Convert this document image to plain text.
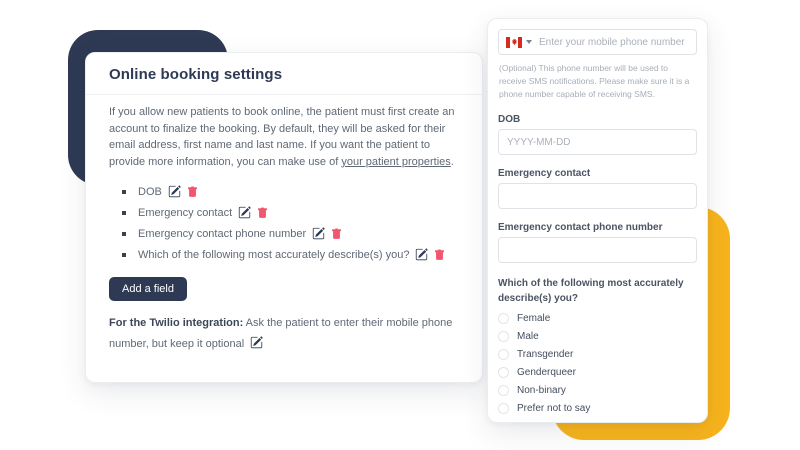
Online booking settings

If you allow new patients to book online, the patient must first create an account to finalize the booking. By default, they will be asked for their email address, first name and last name. If you want the patient to provide more information, you can make use of your patient properties.

DOB
Emergency contact
Emergency contact phone number
Which of the following most accurately describe(s) you?
Add a field

For the Twilio integration: Ask the patient to enter their mobile phone number, but keep it optional

Enter your mobile phone number

(Optional) This phone number will be used to receive SMS notifications. Please make sure it is a phone number capable of receiving SMS.

DOB
YYYY-MM-DD
Emergency contact
Emergency contact phone number
Which of the following most accurately describe(s) you?
Female
Male
Transgender
Genderqueer
Non-binary
Prefer not to say
